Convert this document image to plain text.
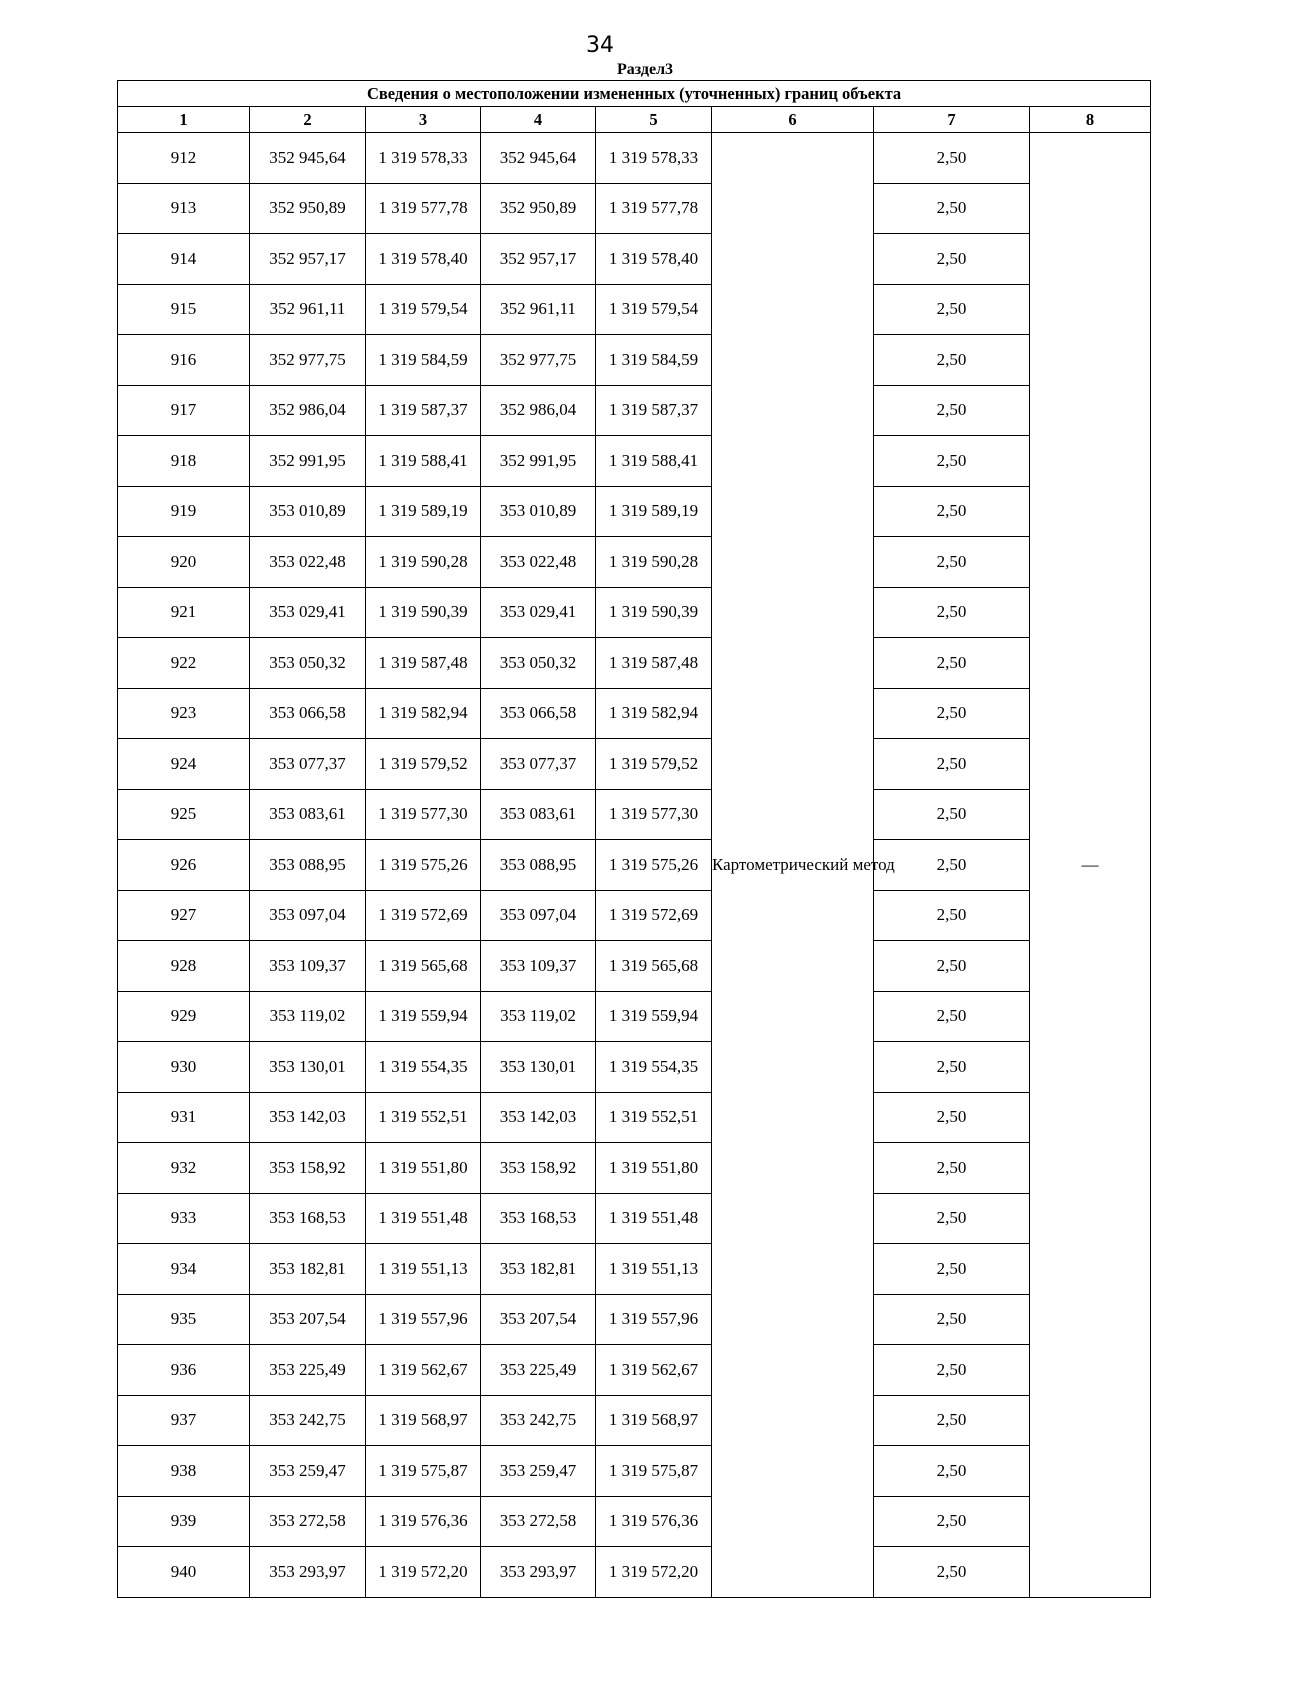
34
Раздел3
Сведения о местоположении измененных (уточненных) границ объекта							
1	2	3	4	5	6	7	8
912	352 945,64	1 319 578,33	352 945,64	1 319 578,33	Картометрический метод	2,50	—
913	352 950,89	1 319 577,78	352 950,89	1 319 577,78		2,50	
914	352 957,17	1 319 578,40	352 957,17	1 319 578,40		2,50	
915	352 961,11	1 319 579,54	352 961,11	1 319 579,54		2,50	
916	352 977,75	1 319 584,59	352 977,75	1 319 584,59		2,50	
917	352 986,04	1 319 587,37	352 986,04	1 319 587,37		2,50	
918	352 991,95	1 319 588,41	352 991,95	1 319 588,41		2,50	
919	353 010,89	1 319 589,19	353 010,89	1 319 589,19		2,50	
920	353 022,48	1 319 590,28	353 022,48	1 319 590,28		2,50	
921	353 029,41	1 319 590,39	353 029,41	1 319 590,39		2,50	
922	353 050,32	1 319 587,48	353 050,32	1 319 587,48		2,50	
923	353 066,58	1 319 582,94	353 066,58	1 319 582,94		2,50	
924	353 077,37	1 319 579,52	353 077,37	1 319 579,52		2,50	
925	353 083,61	1 319 577,30	353 083,61	1 319 577,30		2,50	
926	353 088,95	1 319 575,26	353 088,95	1 319 575,26		2,50	
927	353 097,04	1 319 572,69	353 097,04	1 319 572,69		2,50	
928	353 109,37	1 319 565,68	353 109,37	1 319 565,68		2,50	
929	353 119,02	1 319 559,94	353 119,02	1 319 559,94		2,50	
930	353 130,01	1 319 554,35	353 130,01	1 319 554,35		2,50	
931	353 142,03	1 319 552,51	353 142,03	1 319 552,51		2,50	
932	353 158,92	1 319 551,80	353 158,92	1 319 551,80		2,50	
933	353 168,53	1 319 551,48	353 168,53	1 319 551,48		2,50	
934	353 182,81	1 319 551,13	353 182,81	1 319 551,13		2,50	
935	353 207,54	1 319 557,96	353 207,54	1 319 557,96		2,50	
936	353 225,49	1 319 562,67	353 225,49	1 319 562,67		2,50	
937	353 242,75	1 319 568,97	353 242,75	1 319 568,97		2,50	
938	353 259,47	1 319 575,87	353 259,47	1 319 575,87		2,50	
939	353 272,58	1 319 576,36	353 272,58	1 319 576,36		2,50	
940	353 293,97	1 319 572,20	353 293,97	1 319 572,20		2,50	
